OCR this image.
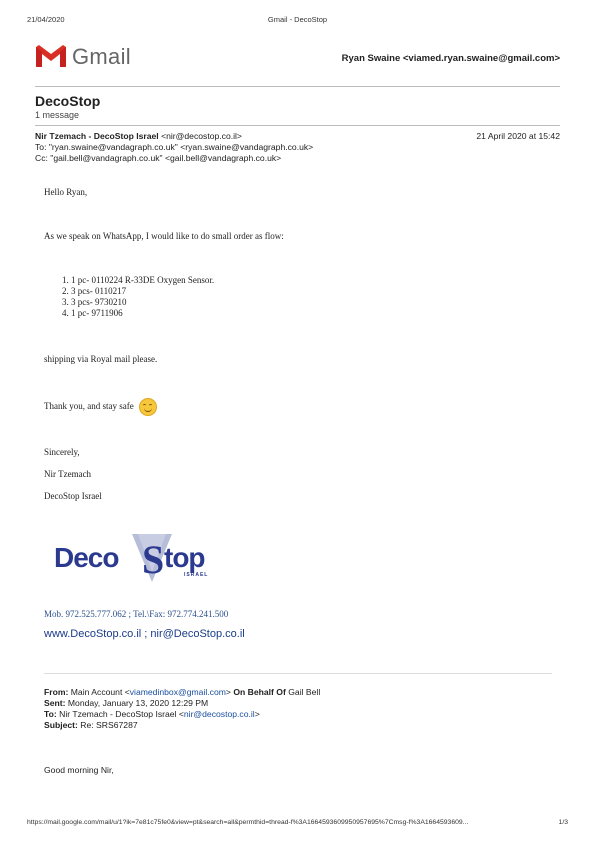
21/04/2020	Gmail - DecoStop
Gmail	Ryan Swaine <viamed.ryan.swaine@gmail.com>
DecoStop
1 message
Nir Tzemach - DecoStop Israel <nir@decostop.co.il>	21 April 2020 at 15:42
To: "ryan.swaine@vandagraph.co.uk" <ryan.swaine@vandagraph.co.uk>
Cc: "gail.bell@vandagraph.co.uk" <gail.bell@vandagraph.co.uk>
Hello Ryan,
As we speak on WhatsApp, I would like to do small order as flow:
1. 1 pc- 0110224 R-33DE Oxygen Sensor.
2. 3 pcs- 0110217
3. 3 pcs- 9730210
4. 1 pc- 9711906
shipping via Royal mail please.
Thank you, and stay safe
Sincerely,
Nir Tzemach
DecoStop Israel
Deco S top
ISRAEL
Mob. 972.525.777.062 ; Tel.\Fax: 972.774.241.500
www.DecoStop.co.il ; nir@DecoStop.co.il
From: Main Account <viamedinbox@gmail.com> On Behalf Of Gail Bell
Sent: Monday, January 13, 2020 12:29 PM
To: Nir Tzemach - DecoStop Israel <nir@decostop.co.il>
Subject: Re: SRS67287
Good morning Nir,
https://mail.google.com/mail/u/1?ik=7e81c75fe0&view=pt&search=all&permthid=thread-f%3A1664593609950957695%7Cmsg-f%3A1664593609...	1/3
